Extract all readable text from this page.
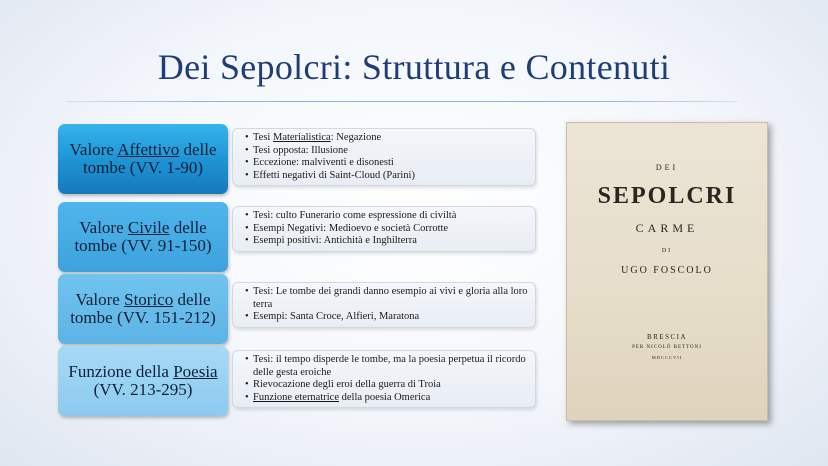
Dei Sepolcri: Struttura e Contenuti
Valore Affettivo delle tombe (VV. 1-90)
• Tesi Materialistica: Negazione
• Tesi opposta: Illusione
• Eccezione: malviventi e disonesti
• Effetti negativi di Saint-Cloud (Parini)
Valore Civile delle tombe (VV. 91-150)
• Tesi: culto Funerario come espressione di civiltà
• Esempi Negativi: Medioevo e società Corrotte
• Esempi positivi: Antichità e Inghilterra
Valore Storico delle tombe (VV. 151-212)
• Tesi: Le tombe dei grandi danno esempio ai vivi e gloria alla loro terra
• Esempi: Santa Croce, Alfieri, Maratona
Funzione della Poesia (VV. 213-295)
• Tesi: il tempo disperde le tombe, ma la poesia perpetua il ricordo delle gesta eroiche
• Rievocazione degli eroi della guerra di Troia
• Funzione eternatrice della poesia Omerica
DEI
SEPOLCRI
CARME
DI
UGO FOSCOLO
BRESCIA
PER NICOLÒ BETTONI
MDCCCVII
